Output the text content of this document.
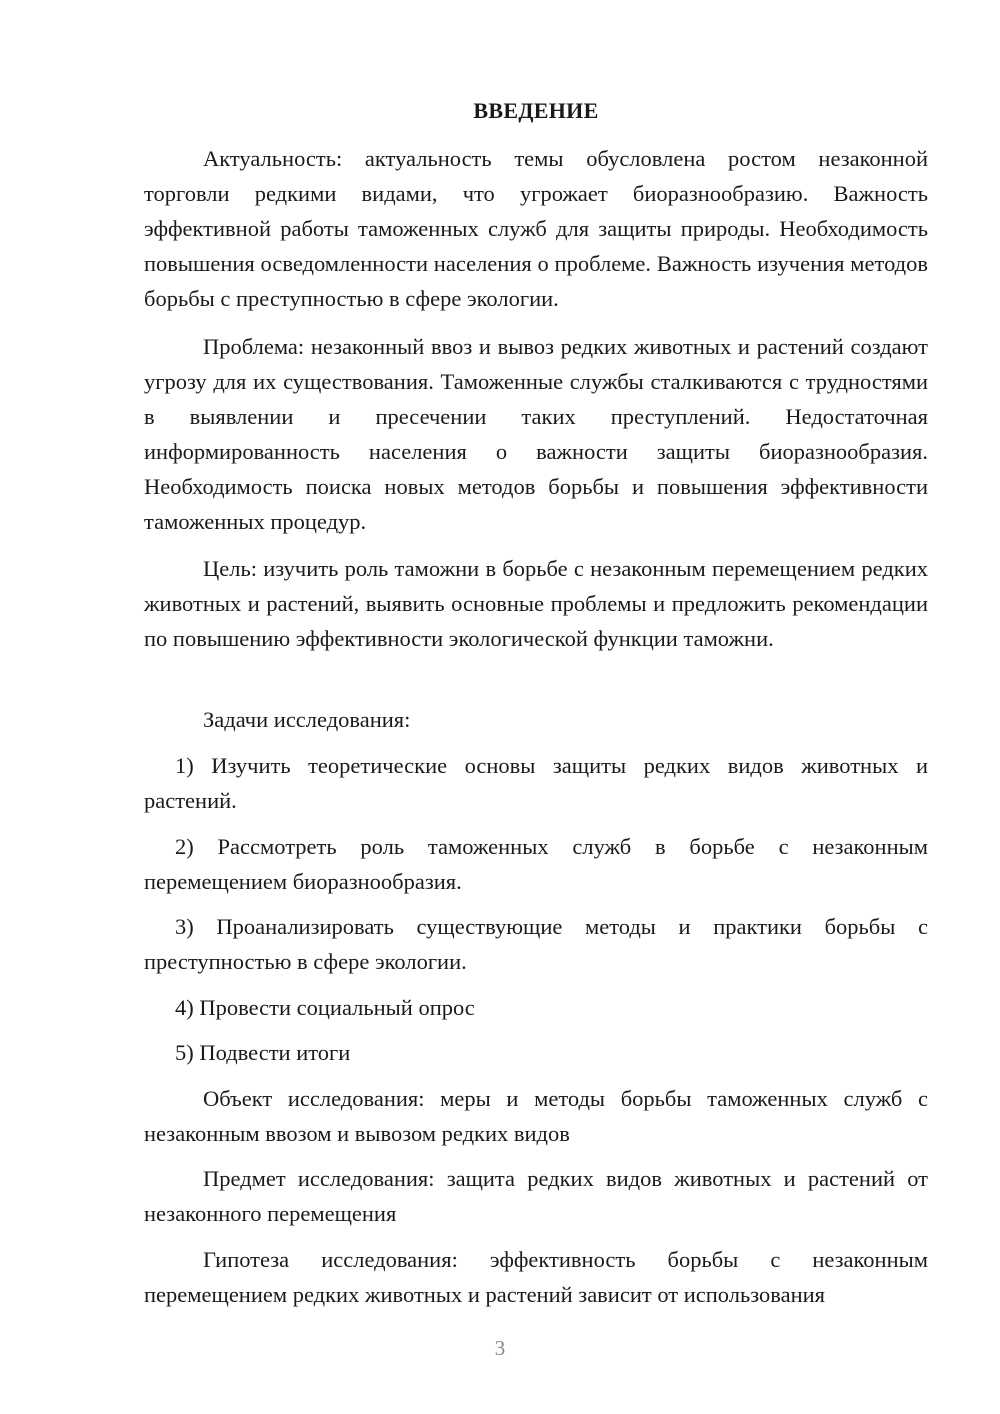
ВВЕДЕНИЕ

Актуальность: актуальность темы обусловлена ростом незаконной торговли редкими видами, что угрожает биоразнообразию. Важность эффективной работы таможенных служб для защиты природы. Необходимость повышения осведомленности населения о проблеме. Важность изучения методов борьбы с преступностью в сфере экологии.

Проблема: незаконный ввоз и вывоз редких животных и растений создают угрозу для их существования. Таможенные службы сталкиваются с трудностями в выявлении и пресечении таких преступлений. Недостаточная информированность населения о важности защиты биоразнообразия. Необходимость поиска новых методов борьбы и повышения эффективности таможенных процедур.

Цель: изучить роль таможни в борьбе с незаконным перемещением редких животных и растений, выявить основные проблемы и предложить рекомендации по повышению эффективности экологической функции таможни.

Задачи исследования:

1) Изучить теоретические основы защиты редких видов животных и растений.

2) Рассмотреть роль таможенных служб в борьбе с незаконным перемещением биоразнообразия.

3) Проанализировать существующие методы и практики борьбы с преступностью в сфере экологии.

4) Провести социальный опрос

5) Подвести итоги

Объект исследования: меры и методы борьбы таможенных служб с незаконным ввозом и вывозом редких видов

Предмет исследования: защита редких видов животных и растений от незаконного перемещения

Гипотеза исследования: эффективность борьбы с незаконным перемещением редких животных и растений зависит от использования

3
